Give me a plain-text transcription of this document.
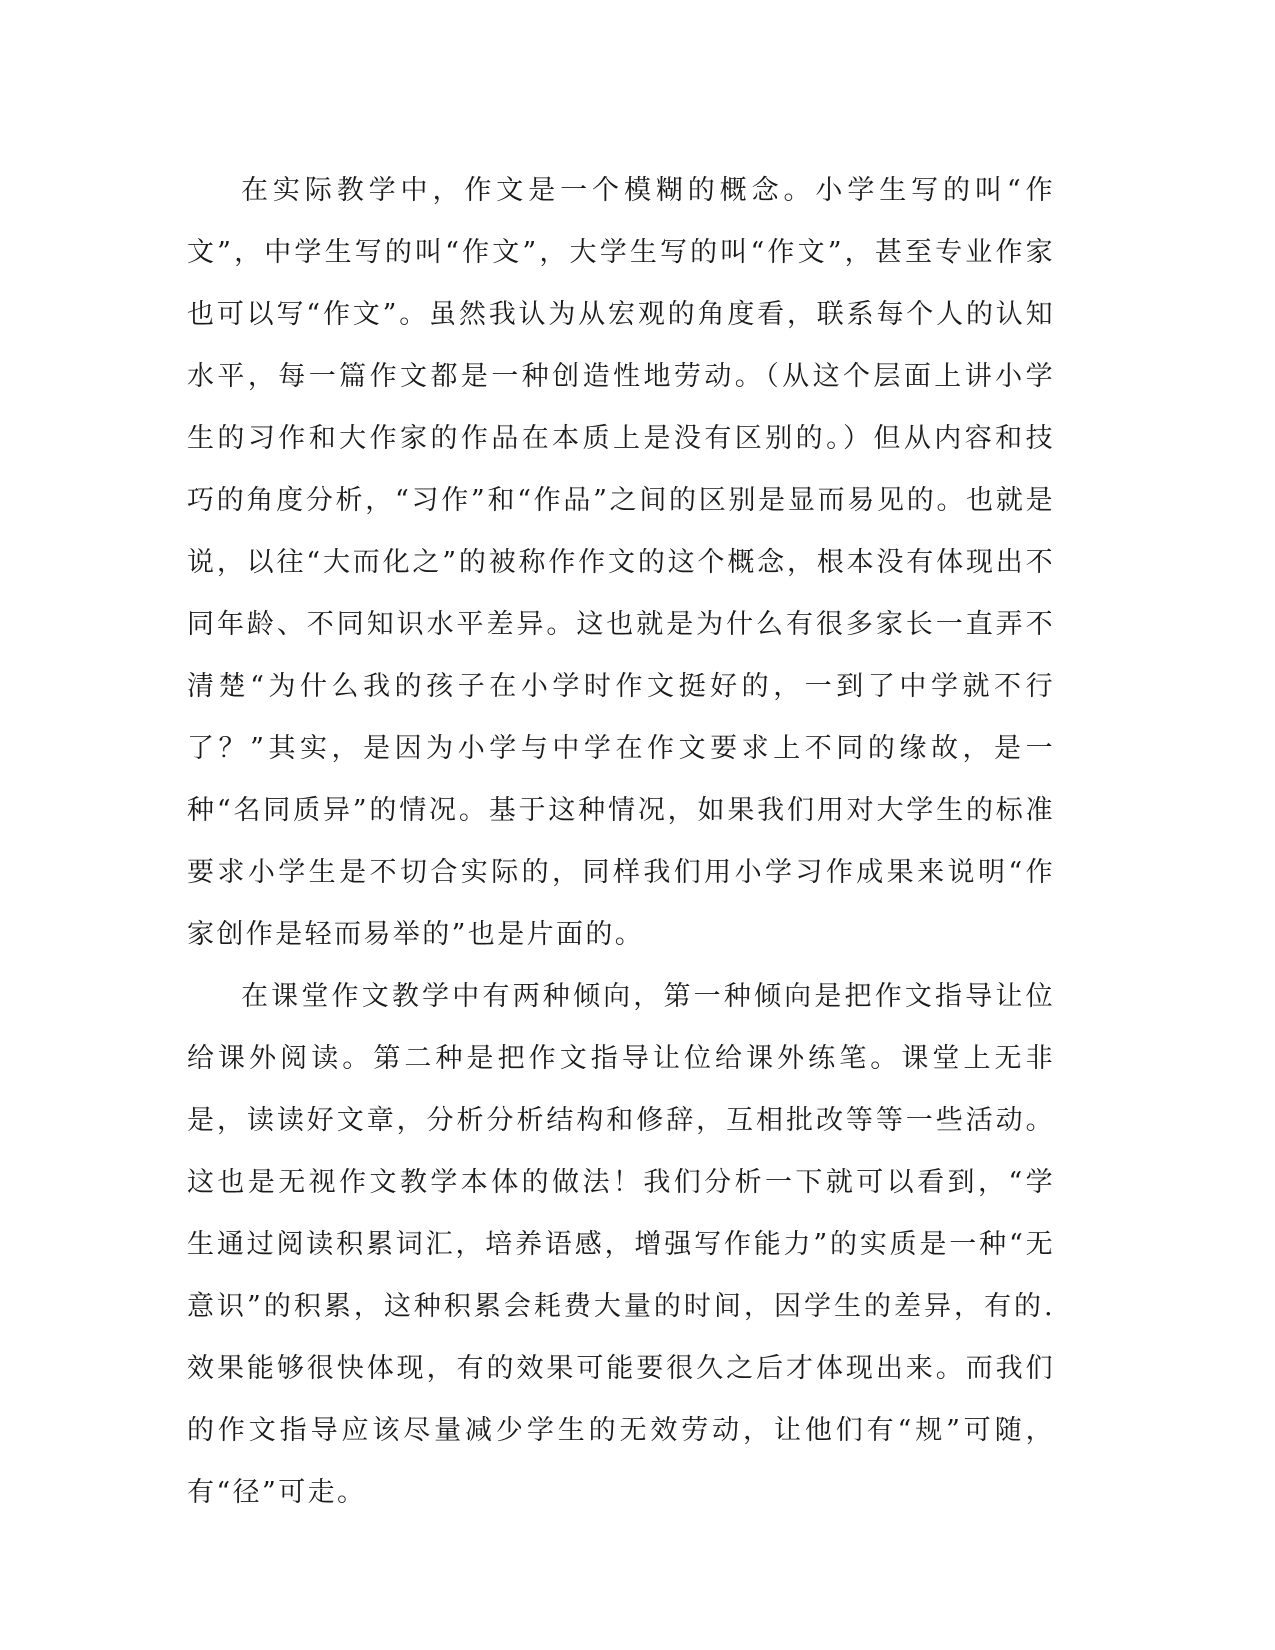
在实际教学中，作文是一个模糊的概念。小学生写的叫“作文”，中学生写的叫“作文”，大学生写的叫“作文”，甚至专业作家也可以写“作文”。虽然我认为从宏观的角度看，联系每个人的认知水平，每一篇作文都是一种创造性地劳动。（从这个层面上讲小学生的习作和大作家的作品在本质上是没有区别的。）但从内容和技巧的角度分析，“习作”和“作品”之间的区别是显而易见的。也就是说，以往“大而化之”的被称作作文的这个概念，根本没有体现出不同年龄、不同知识水平差异。这也就是为什么有很多家长一直弄不清楚“为什么我的孩子在小学时作文挺好的，一到了中学就不行了？”其实，是因为小学与中学在作文要求上不同的缘故，是一种“名同质异”的情况。基于这种情况，如果我们用对大学生的标准要求小学生是不切合实际的，同样我们用小学习作成果来说明“作家创作是轻而易举的”也是片面的。

在课堂作文教学中有两种倾向，第一种倾向是把作文指导让位给课外阅读。第二种是把作文指导让位给课外练笔。课堂上无非是，读读好文章，分析分析结构和修辞，互相批改等等一些活动。这也是无视作文教学本体的做法！我们分析一下就可以看到，“学生通过阅读积累词汇，培养语感，增强写作能力”的实质是一种“无意识”的积累，这种积累会耗费大量的时间，因学生的差异，有的.效果能够很快体现，有的效果可能要很久之后才体现出来。而我们的作文指导应该尽量减少学生的无效劳动，让他们有“规”可随，有“径”可走。
